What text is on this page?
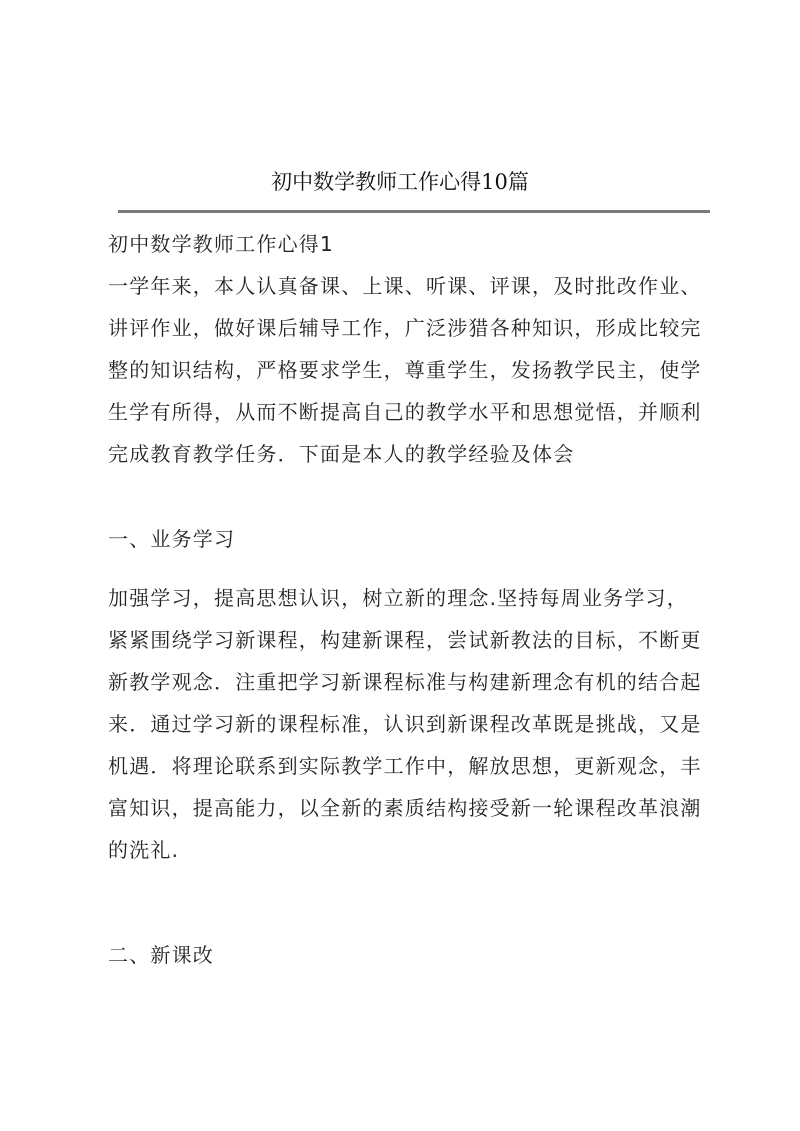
初中数学教师工作心得10篇
初中数学教师工作心得1
一学年来，本人认真备课、上课、听课、评课，及时批改作业、
讲评作业，做好课后辅导工作，广泛涉猎各种知识，形成比较完
整的知识结构，严格要求学生，尊重学生，发扬教学民主，使学
生学有所得，从而不断提高自己的教学水平和思想觉悟，并顺利
完成教育教学任务．下面是本人的教学经验及体会
一、业务学习
加强学习，提高思想认识，树立新的理念.坚持每周业务学习，
紧紧围绕学习新课程，构建新课程，尝试新教法的目标，不断更
新教学观念．注重把学习新课程标准与构建新理念有机的结合起
来．通过学习新的课程标准，认识到新课程改革既是挑战，又是
机遇．将理论联系到实际教学工作中，解放思想，更新观念，丰
富知识，提高能力，以全新的素质结构接受新一轮课程改革浪潮
的洗礼.
二、新课改
